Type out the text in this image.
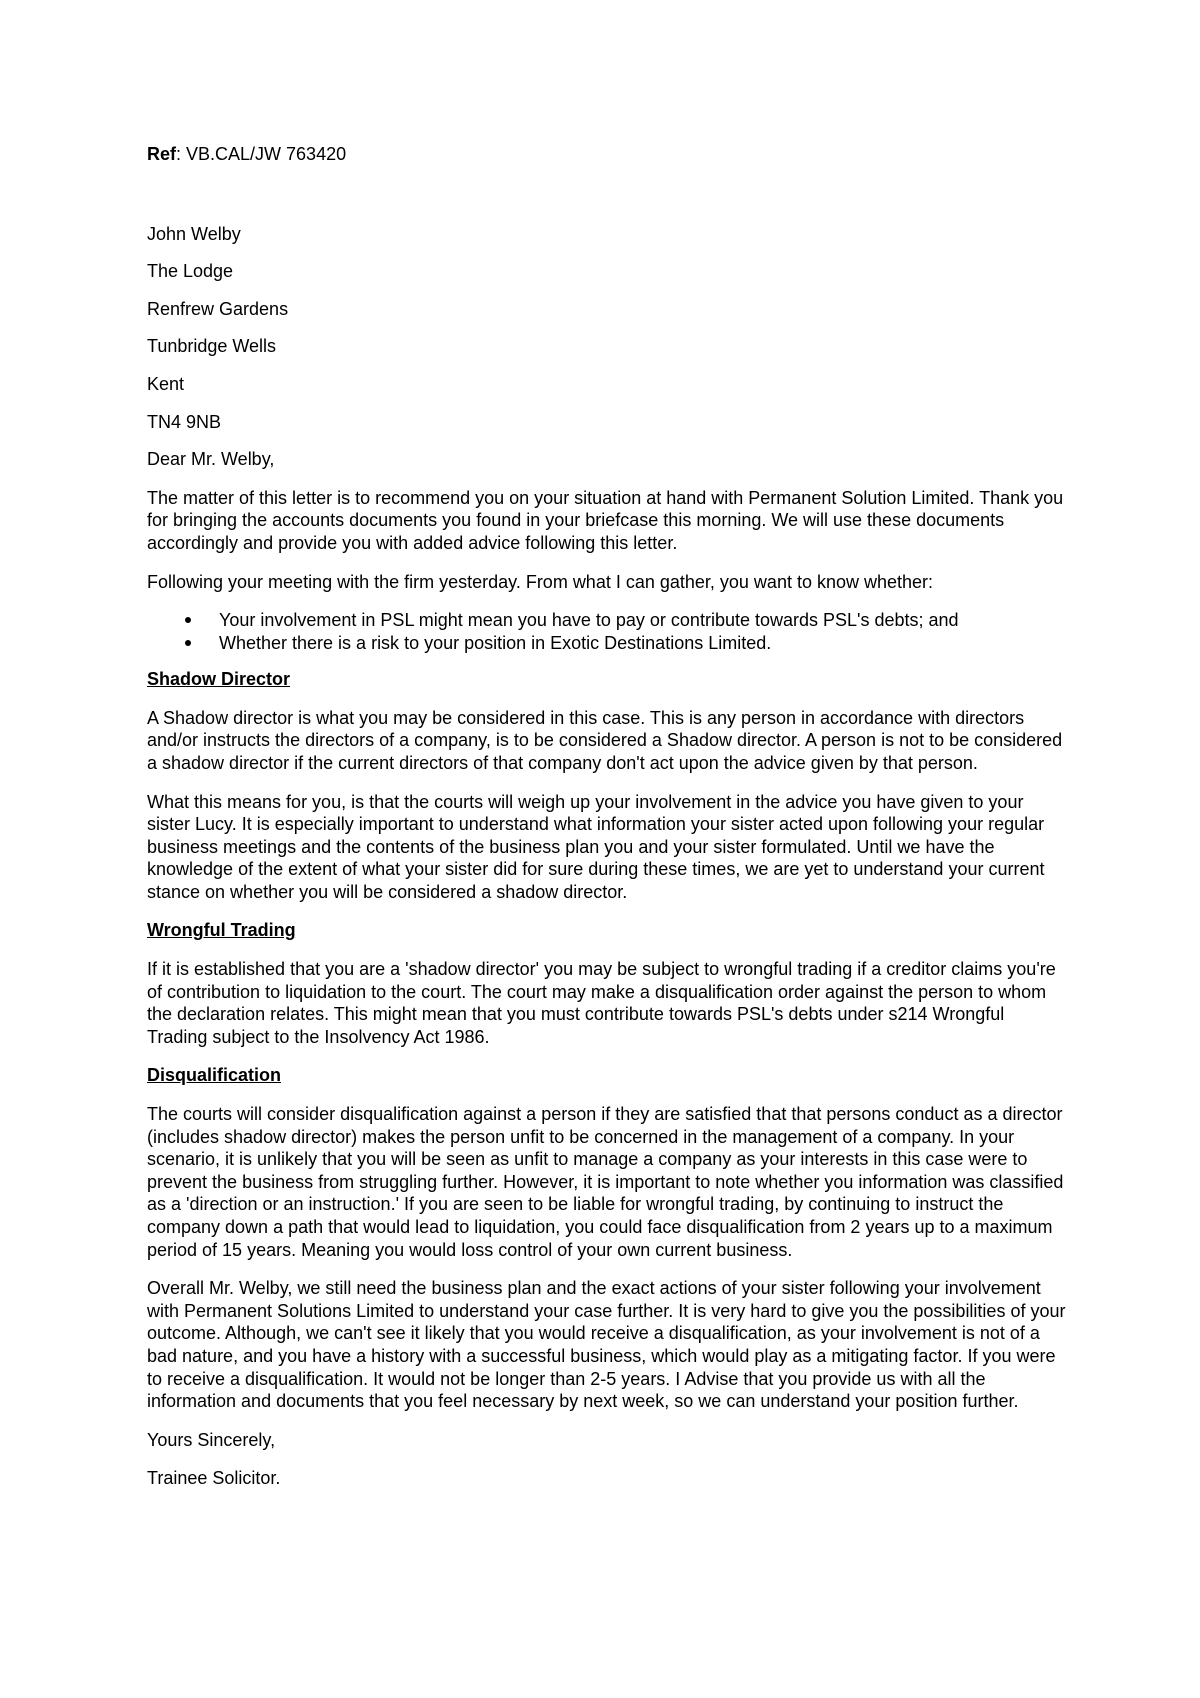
Ref: VB.CAL/JW 763420

John Welby

The Lodge

Renfrew Gardens

Tunbridge Wells

Kent

TN4 9NB

Dear Mr. Welby,

The matter of this letter is to recommend you on your situation at hand with Permanent Solution Limited. Thank you for bringing the accounts documents you found in your briefcase this morning. We will use these documents accordingly and provide you with added advice following this letter.

Following your meeting with the firm yesterday. From what I can gather, you want to know whether:

Your involvement in PSL might mean you have to pay or contribute towards PSL's debts; and
Whether there is a risk to your position in Exotic Destinations Limited.

Shadow Director

A Shadow director is what you may be considered in this case. This is any person in accordance with directors and/or instructs the directors of a company, is to be considered a Shadow director. A person is not to be considered a shadow director if the current directors of that company don't act upon the advice given by that person.

What this means for you, is that the courts will weigh up your involvement in the advice you have given to your sister Lucy. It is especially important to understand what information your sister acted upon following your regular business meetings and the contents of the business plan you and your sister formulated. Until we have the knowledge of the extent of what your sister did for sure during these times, we are yet to understand your current stance on whether you will be considered a shadow director.

Wrongful Trading

If it is established that you are a 'shadow director' you may be subject to wrongful trading if a creditor claims you're of contribution to liquidation to the court. The court may make a disqualification order against the person to whom the declaration relates. This might mean that you must contribute towards PSL's debts under s214 Wrongful Trading subject to the Insolvency Act 1986.

Disqualification

The courts will consider disqualification against a person if they are satisfied that that persons conduct as a director (includes shadow director) makes the person unfit to be concerned in the management of a company. In your scenario, it is unlikely that you will be seen as unfit to manage a company as your interests in this case were to prevent the business from struggling further. However, it is important to note whether you information was classified as a 'direction or an instruction.' If you are seen to be liable for wrongful trading, by continuing to instruct the company down a path that would lead to liquidation, you could face disqualification from 2 years up to a maximum period of 15 years. Meaning you would loss control of your own current business.

Overall Mr. Welby, we still need the business plan and the exact actions of your sister following your involvement with Permanent Solutions Limited to understand your case further. It is very hard to give you the possibilities of your outcome. Although, we can't see it likely that you would receive a disqualification, as your involvement is not of a bad nature, and you have a history with a successful business, which would play as a mitigating factor. If you were to receive a disqualification. It would not be longer than 2-5 years. I Advise that you provide us with all the information and documents that you feel necessary by next week, so we can understand your position further.

Yours Sincerely,

Trainee Solicitor.
